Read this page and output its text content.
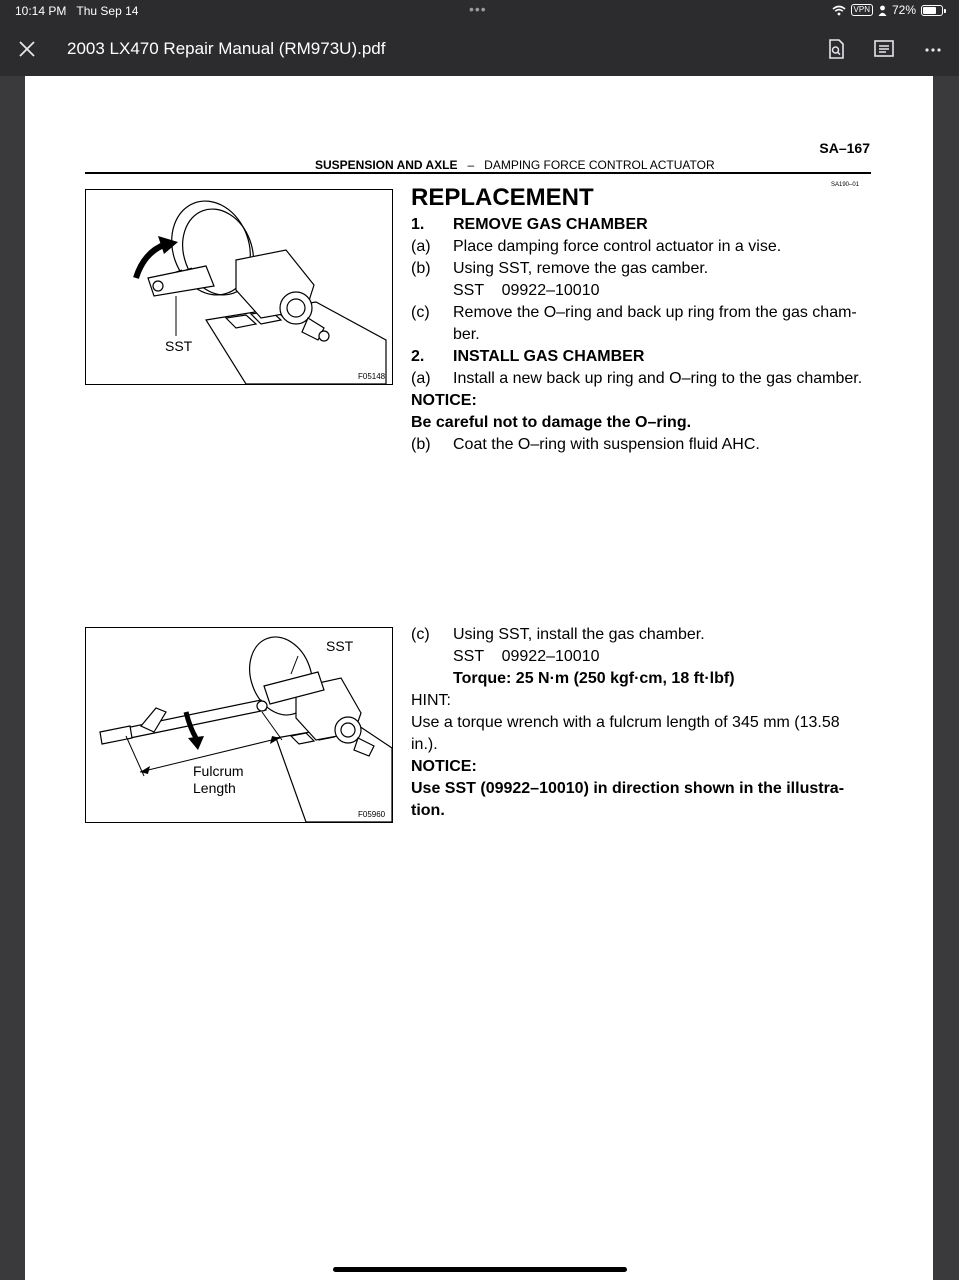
10:14 PM Thu Sep 14	•••	VPN 72%
2003 LX470 Repair Manual (RM973U).pdf
SA–167
SUSPENSION AND AXLE – DAMPING FORCE CONTROL ACTUATOR
SA190–01
SST
F05148
REPLACEMENT
1. REMOVE GAS CHAMBER
(a) Place damping force control actuator in a vise.
(b) Using SST, remove the gas camber.
SST    09922–10010
(c) Remove the O–ring and back up ring from the gas cham-
ber.
2. INSTALL GAS CHAMBER
(a) Install a new back up ring and O–ring to the gas chamber.
NOTICE:
Be careful not to damage the O–ring.
(b) Coat the O–ring with suspension fluid AHC.
SST
Fulcrum
Length
F05960
(c) Using SST, install the gas chamber.
SST    09922–10010
Torque: 25 N·m (250 kgf·cm, 18 ft·lbf)
HINT:
Use a torque wrench with a fulcrum length of 345 mm (13.58
in.).
NOTICE:
Use SST (09922–10010) in direction shown in the illustra-
tion.
